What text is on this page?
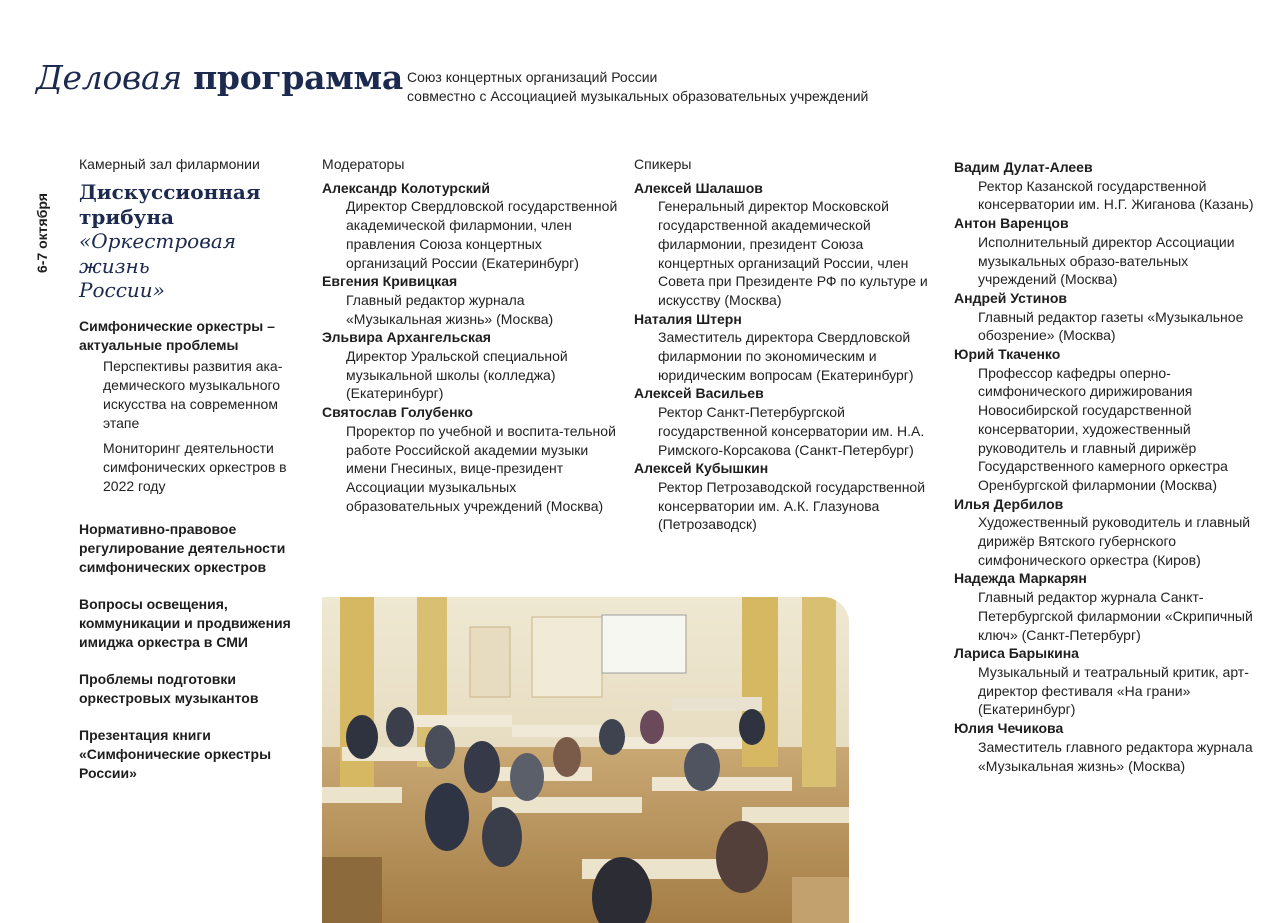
Деловая программа Союз концертных организаций России
совместно с Ассоциацией музыкальных образовательных учреждений
6-7 октября
Камерный зал филармонии
Дискуссионная
трибуна
«Оркестровая жизнь
России»
Симфонические оркестры – актуальные проблемы
Перспективы развития ака-демического музыкального искусства на современном этапе
Мониторинг деятельности симфонических оркестров в 2022 году
Нормативно-правовое регулирование деятельности симфонических оркестров
Вопросы освещения, коммуникации и продвижения имиджа оркестра в СМИ
Проблемы подготовки оркестровых музыкантов
Презентация книги «Симфонические оркестры России»
Модераторы
Александр Колотурский
Директор Свердловской государственной академической филармонии, член правления Союза концертных организаций России (Екатеринбург)
Евгения Кривицкая
Главный редактор журнала «Музыкальная жизнь» (Москва)
Эльвира Архангельская
Директор Уральской специальной музыкальной школы (колледжа) (Екатеринбург)
Святослав Голубенко
Проректор по учебной и воспита-тельной работе Российской академии музыки имени Гнесиных, вице-президент Ассоциации музыкальных образовательных учреждений (Москва)
Спикеры
Алексей Шалашов
Генеральный директор Московской государственной академической филармонии, президент Союза концертных организаций России, член Совета при Президенте РФ по культуре и искусству (Москва)
Наталия Штерн
Заместитель директора Свердловской филармонии по экономическим и юридическим вопросам (Екатеринбург)
Алексей Васильев
Ректор Санкт-Петербургской государственной консерватории им. Н.А. Римского-Корсакова (Санкт-Петербург)
Алексей Кубышкин
Ректор Петрозаводской государственной консерватории им. А.К. Глазунова (Петрозаводск)
Вадим Дулат-Алеев
Ректор Казанской государственной консерватории им. Н.Г. Жиганова (Казань)
Антон Варенцов
Исполнительный директор Ассоциации музыкальных образо-вательных учреждений (Москва)
Андрей Устинов
Главный редактор газеты «Музыкальное обозрение» (Москва)
Юрий Ткаченко
Профессор кафедры оперно-симфонического дирижирования Новосибирской государственной консерватории, художественный руководитель и главный дирижёр Государственного камерного оркестра Оренбургской филармонии (Москва)
Илья Дербилов
Художественный руководитель и главный дирижёр Вятского губернского симфонического оркестра (Киров)
Надежда Маркарян
Главный редактор журнала Санкт-Петербургской филармонии «Скрипичный ключ» (Санкт-Петербург)
Лариса Барыкина
Музыкальный и театральный критик, арт-директор фестиваля «На грани» (Екатеринбург)
Юлия Чечикова
Заместитель главного редактора журнала «Музыкальная жизнь» (Москва)
